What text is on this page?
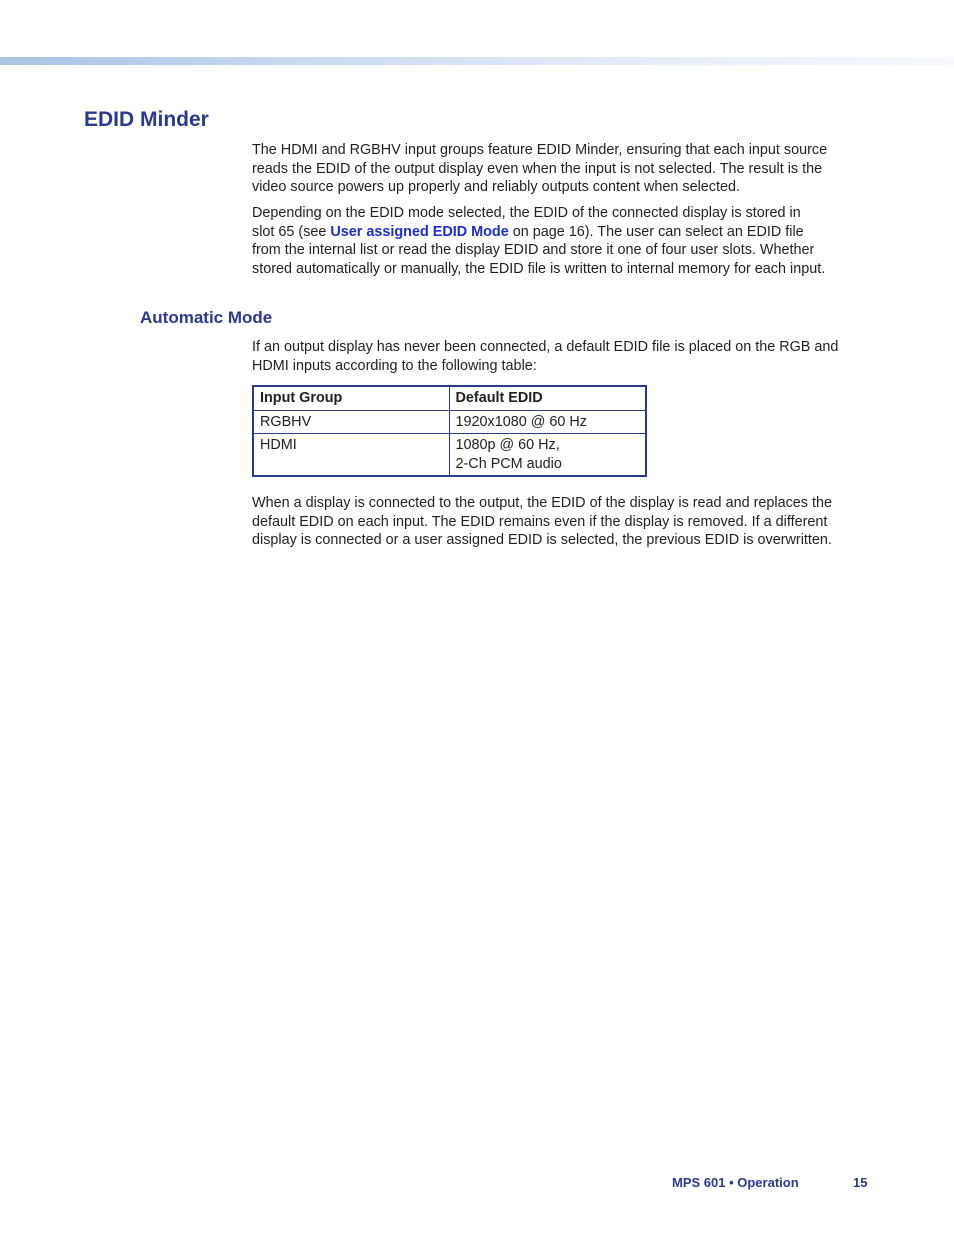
EDID Minder

The HDMI and RGBHV input groups feature EDID Minder, ensuring that each input source
reads the EDID of the output display even when the input is not selected. The result is the
video source powers up properly and reliably outputs content when selected.

Depending on the EDID mode selected, the EDID of the connected display is stored in
slot 65 (see User assigned EDID Mode on page 16). The user can select an EDID file
from the internal list or read the display EDID and store it one of four user slots. Whether
stored automatically or manually, the EDID file is written to internal memory for each input.

Automatic Mode

If an output display has never been connected, a default EDID file is placed on the RGB and
HDMI inputs according to the following table:

Input Group	Default EDID
RGBHV	1920x1080 @ 60 Hz

HDMI	1080p @ 60 Hz,
2-Ch PCM audio

When a display is connected to the output, the EDID of the display is read and replaces the
default EDID on each input. The EDID remains even if the display is removed. If a different
display is connected or a user assigned EDID is selected, the previous EDID is overwritten.

MPS 601 • Operation	15
